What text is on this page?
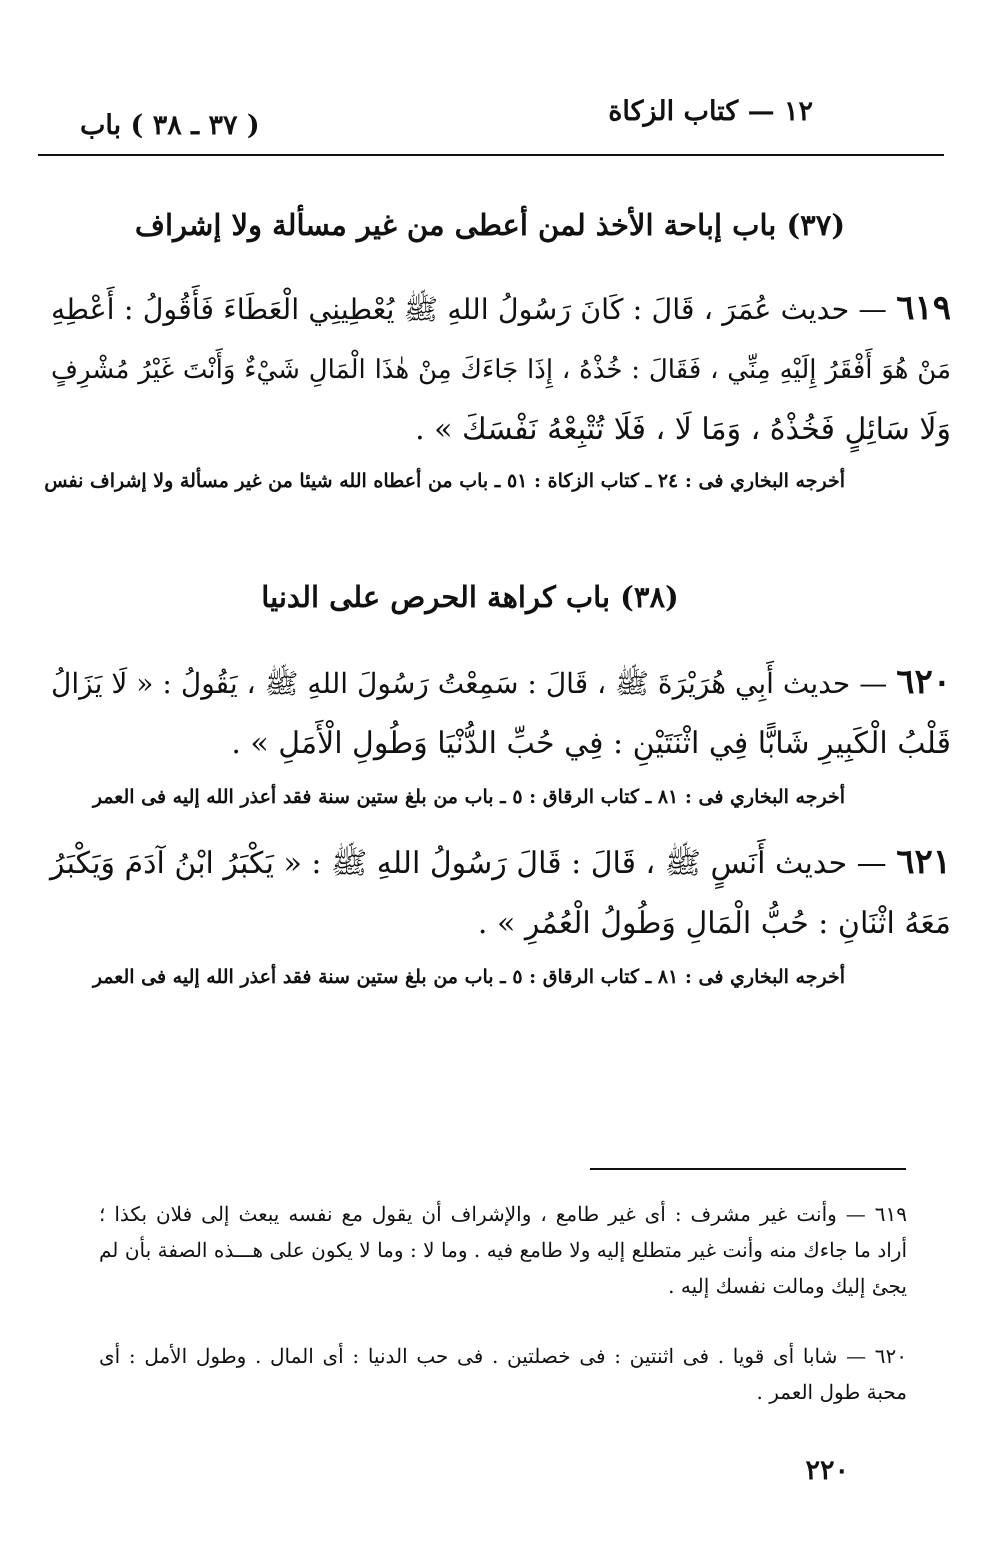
١٢ — كتاب الزكاة
( ٣٧ ـ ٣٨ ) باب
(٣٧) باب إباحة الأخذ لمن أعطى من غير مسألة ولا إشراف
٦١٩ — حديث عُمَرَ ، قَالَ : كَانَ رَسُولُ اللهِ ﷺ يُعْطِينِي الْعَطَاءَ فَأَقُولُ : أَعْطِهِ
مَنْ هُوَ أَفْقَرُ إِلَيْهِ مِنِّي ، فَقَالَ : خُذْهُ ، إِذَا جَاءَكَ مِنْ هٰذَا الْمَالِ شَيْءٌ وَأَنْتَ غَيْرُ مُشْرِفٍ
وَلَا سَائِلٍ فَخُذْهُ ، وَمَا لَا ، فَلَا تُتْبِعْهُ نَفْسَكَ » .
أخرجه البخاري فى : ٢٤ ـ كتاب الزكاة : ٥١ ـ باب من أعطاه الله شيئا من غير مسألة ولا إشراف نفس
(٣٨) باب كراهة الحرص على الدنيا
٦٢٠ — حديث أَبِي هُرَيْرَةَ ﷺ ، قَالَ : سَمِعْتُ رَسُولَ اللهِ ﷺ ، يَقُولُ : « لَا يَزَالُ
قَلْبُ الْكَبِيرِ شَابًّا فِي اثْنَتَيْنِ : فِي حُبِّ الدُّنْيَا وَطُولِ الْأَمَلِ » .
أخرجه البخاري فى : ٨١ ـ كتاب الرقاق : ٥ ـ باب من بلغ ستين سنة فقد أعذر الله إليه فى العمر
٦٢١ — حديث أَنَسٍ ﷺ ، قَالَ : قَالَ رَسُولُ اللهِ ﷺ : « يَكْبَرُ ابْنُ آدَمَ وَيَكْبَرُ
مَعَهُ اثْنَانِ : حُبُّ الْمَالِ وَطُولُ الْعُمُرِ » .
أخرجه البخاري فى : ٨١ ـ كتاب الرقاق : ٥ ـ باب من بلغ ستين سنة فقد أعذر الله إليه فى العمر
٦١٩ — وأنت غير مشرف : أى غير طامع ، والإشراف أن يقول مع نفسه يبعث إلى فلان بكذا ؛
أراد ما جاءك منه وأنت غير متطلع إليه ولا طامع فيه . وما لا : وما لا يكون على هـــذه الصفة بأن لم
يجئ إليك ومالت نفسك إليه .
٦٢٠ — شابا أى قويا . فى اثنتين : فى خصلتين . فى حب الدنيا : أى المال . وطول الأمل : أى
محبة طول العمر .
٢٢٠
